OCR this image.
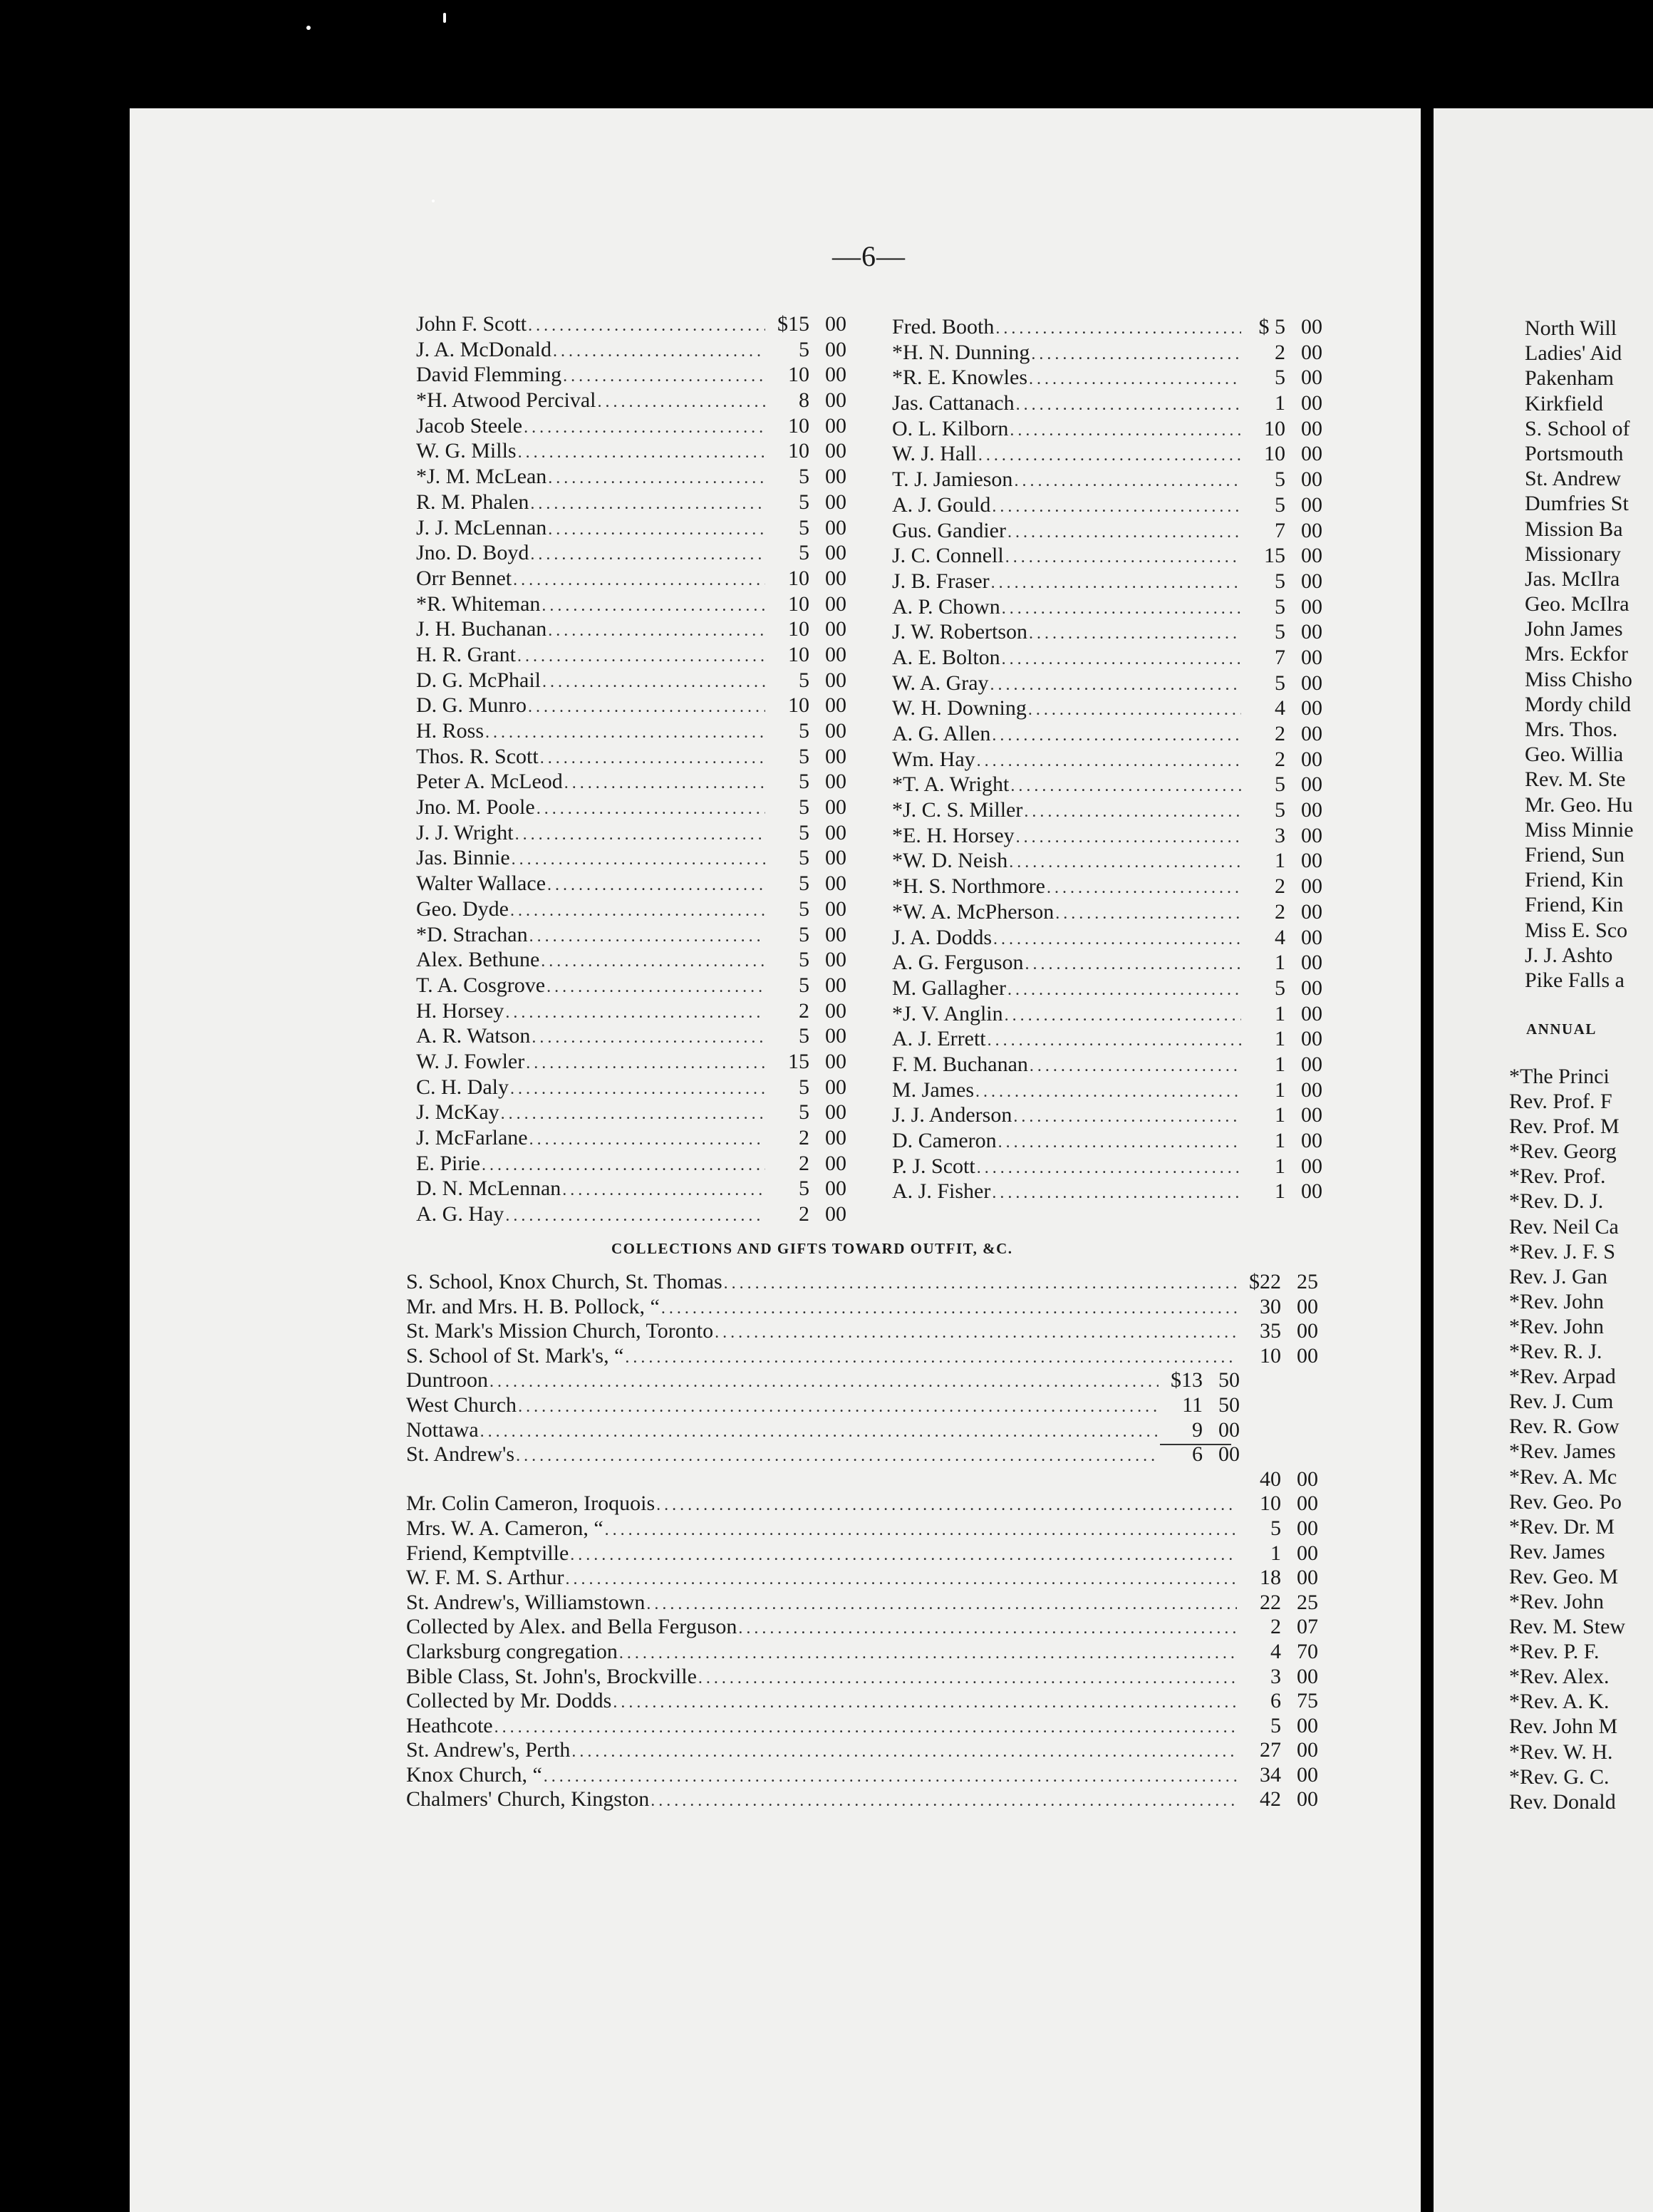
—6—
John F. Scott .....	$15 00
J. A. McDonald .....	5 00
David Flemming .....	10 00
*H. Atwood Percival .....	8 00
Jacob Steele .....	10 00
W. G. Mills .....	10 00
*J. M. McLean .....	5 00
R. M. Phalen .....	5 00
J. J. McLennan .....	5 00
Jno. D. Boyd .....	5 00
Orr Bennet .....	10 00
*R. Whiteman .....	10 00
J. H. Buchanan .....	10 00
H. R. Grant .....	10 00
D. G. McPhail .....	5 00
D. G. Munro .....	10 00
H. Ross .....	5 00
Thos. R. Scott .....	5 00
Peter A. McLeod .....	5 00
Jno. M. Poole .....	5 00
J. J. Wright .....	5 00
Jas. Binnie .....	5 00
Walter Wallace .....	5 00
Geo. Dyde .....	5 00
*D. Strachan .....	5 00
Alex. Bethune .....	5 00
T. A. Cosgrove .....	5 00
H. Horsey .....	2 00
A. R. Watson .....	5 00
W. J. Fowler .....	15 00
C. H. Daly .....	5 00
J. McKay .....	5 00
J. McFarlane .....	2 00
E. Pirie .....	2 00
D. N. McLennan .....	5 00
A. G. Hay .....	2 00
Fred. Booth .....	$ 5 00
*H. N. Dunning .....	2 00
*R. E. Knowles .....	5 00
Jas. Cattanach .....	1 00
O. L. Kilborn .....	10 00
W. J. Hall .....	10 00
T. J. Jamieson .....	5 00
A. J. Gould .....	5 00
Gus. Gandier .....	7 00
J. C. Connell .....	15 00
J. B. Fraser .....	5 00
A. P. Chown .....	5 00
J. W. Robertson .....	5 00
A. E. Bolton .....	7 00
W. A. Gray .....	5 00
W. H. Downing .....	4 00
A. G. Allen .....	2 00
Wm. Hay .....	2 00
*T. A. Wright .....	5 00
*J. C. S. Miller .....	5 00
*E. H. Horsey .....	3 00
*W. D. Neish .....	1 00
*H. S. Northmore .....	2 00
*W. A. McPherson .....	2 00
J. A. Dodds .....	4 00
A. G. Ferguson .....	1 00
M. Gallagher .....	5 00
*J. V. Anglin .....	1 00
A. J. Errett .....	1 00
F. M. Buchanan .....	1 00
M. James .....	1 00
J. J. Anderson .....	1 00
D. Cameron .....	1 00
P. J. Scott .....	1 00
A. J. Fisher .....	1 00
COLLECTIONS AND GIFTS TOWARD OUTFIT, &C.
S. School, Knox Church, St. Thomas .....	$22 25
Mr. and Mrs. H. B. Pollock, “ .....	30 00
St. Mark's Mission Church, Toronto .....	35 00
S. School of St. Mark's, “ .....	10 00
Duntroon .....	$13 50
West Church .....	11 50
Nottawa .....	9 00
St. Andrew's .....	6 00
40 00
Mr. Colin Cameron, Iroquois .....	10 00
Mrs. W. A. Cameron, “ .....	5 00
Friend, Kemptville .....	1 00
W. F. M. S. Arthur .....	18 00
St. Andrew's, Williamstown .....	22 25
Collected by Alex. and Bella Ferguson .....	2 07
Clarksburg congregation .....	4 70
Bible Class, St. John's, Brockville .....	3 00
Collected by Mr. Dodds .....	6 75
Heathcote .....	5 00
St. Andrew's, Perth .....	27 00
Knox Church, “ .....	34 00
Chalmers' Church, Kingston .....	42 00
North Will
Ladies' Aid
Pakenham
Kirkfield
S. School of
Portsmouth
St. Andrew
Dumfries St
Mission Ba
Missionary
Jas. McIlra
Geo. McIlra
John James
Mrs. Eckfor
Miss Chisho
Mordy child
Mrs. Thos.
Geo. Willia
Rev. M. Ste
Mr. Geo. Hu
Miss Minnie
Friend, Sun
Friend, Kin
Friend, Kin
Miss E. Sco
J. J. Ashto
Pike Falls a
ANNUAL
*The Princi
Rev. Prof. F
Rev. Prof. M
*Rev. Georg
*Rev. Prof.
*Rev. D. J.
Rev. Neil Ca
*Rev. J. F. S
Rev. J. Gan
*Rev. John
*Rev. John
*Rev. R. J.
*Rev. Arpad
Rev. J. Cum
Rev. R. Gow
*Rev. James
*Rev. A. Mc
Rev. Geo. Po
*Rev. Dr. M
Rev. James
Rev. Geo. M
*Rev. John
Rev. M. Stew
*Rev. P. F.
*Rev. Alex.
*Rev. A. K.
Rev. John M
*Rev. W. H.
*Rev. G. C.
Rev. Donald
